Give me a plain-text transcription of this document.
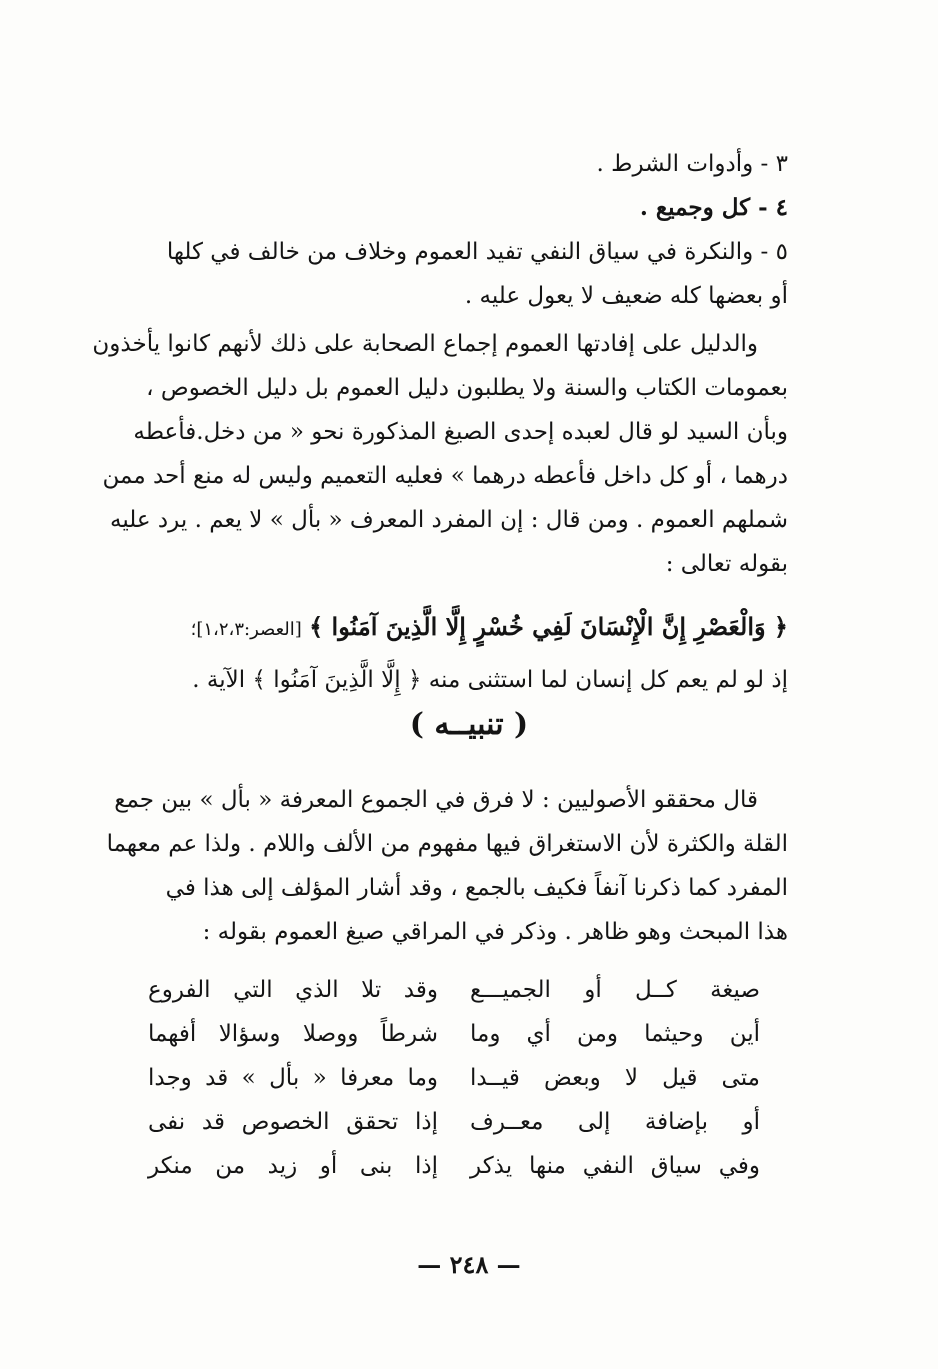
٣ - وأدوات الشرط .
٤ - كل وجميع .
٥ - والنكرة في سياق النفي تفيد العموم وخلاف من خالف في كلها
أو بعضها كله ضعيف لا يعول عليه .
والدليل على إفادتها العموم إجماع الصحابة على ذلك لأنهم كانوا يأخذون
بعمومات الكتاب والسنة ولا يطلبون دليل العموم بل دليل الخصوص ،
وبأن السيد لو قال لعبده إحدى الصيغ المذكورة نحو « من دخل.فأعطه
درهما ، أو كل داخل فأعطه درهما » فعليه التعميم وليس له منع أحد ممن
شملهم العموم . ومن قال : إن المفرد المعرف « بأل » لا يعم . يرد عليه
بقوله تعالى :
﴿ وَالْعَصْرِ إِنَّ الْإِنْسَانَ لَفِي خُسْرٍ إِلَّا الَّذِينَ آمَنُوا ﴾ [العصر:١،٢،٣]؛
إذ لو لم يعم كل إنسان لما استثنى منه ﴿ إِلَّا الَّذِينَ آمَنُوا ﴾ الآية .
( تنبيــه )
قال محققو الأصوليين : لا فرق في الجموع المعرفة « بأل » بين جمع
القلة والكثرة لأن الاستغراق فيها مفهوم من الألف واللام . ولذا عم معهما
المفرد كما ذكرنا آنفاً فكيف بالجمع ، وقد أشار المؤلف إلى هذا في
هذا المبحث وهو ظاهر . وذكر في المراقي صيغ العموم بقوله :
صيغة كــل أو الجميـــع
وقد تلا الذي التي الفروع
أين وحيثما ومن أي وما
شرطاً ووصلا وسؤالا أفهما
متى قيل لا وبعض قيــدا
وما معرفا « بأل » قد وجدا
أو بإضافة إلى معــرف
إذا تحقق الخصوص قد نفى
وفي سياق النفي منها يذكر
إذا بنى أو زيد من منكر
— ٢٤٨ —
